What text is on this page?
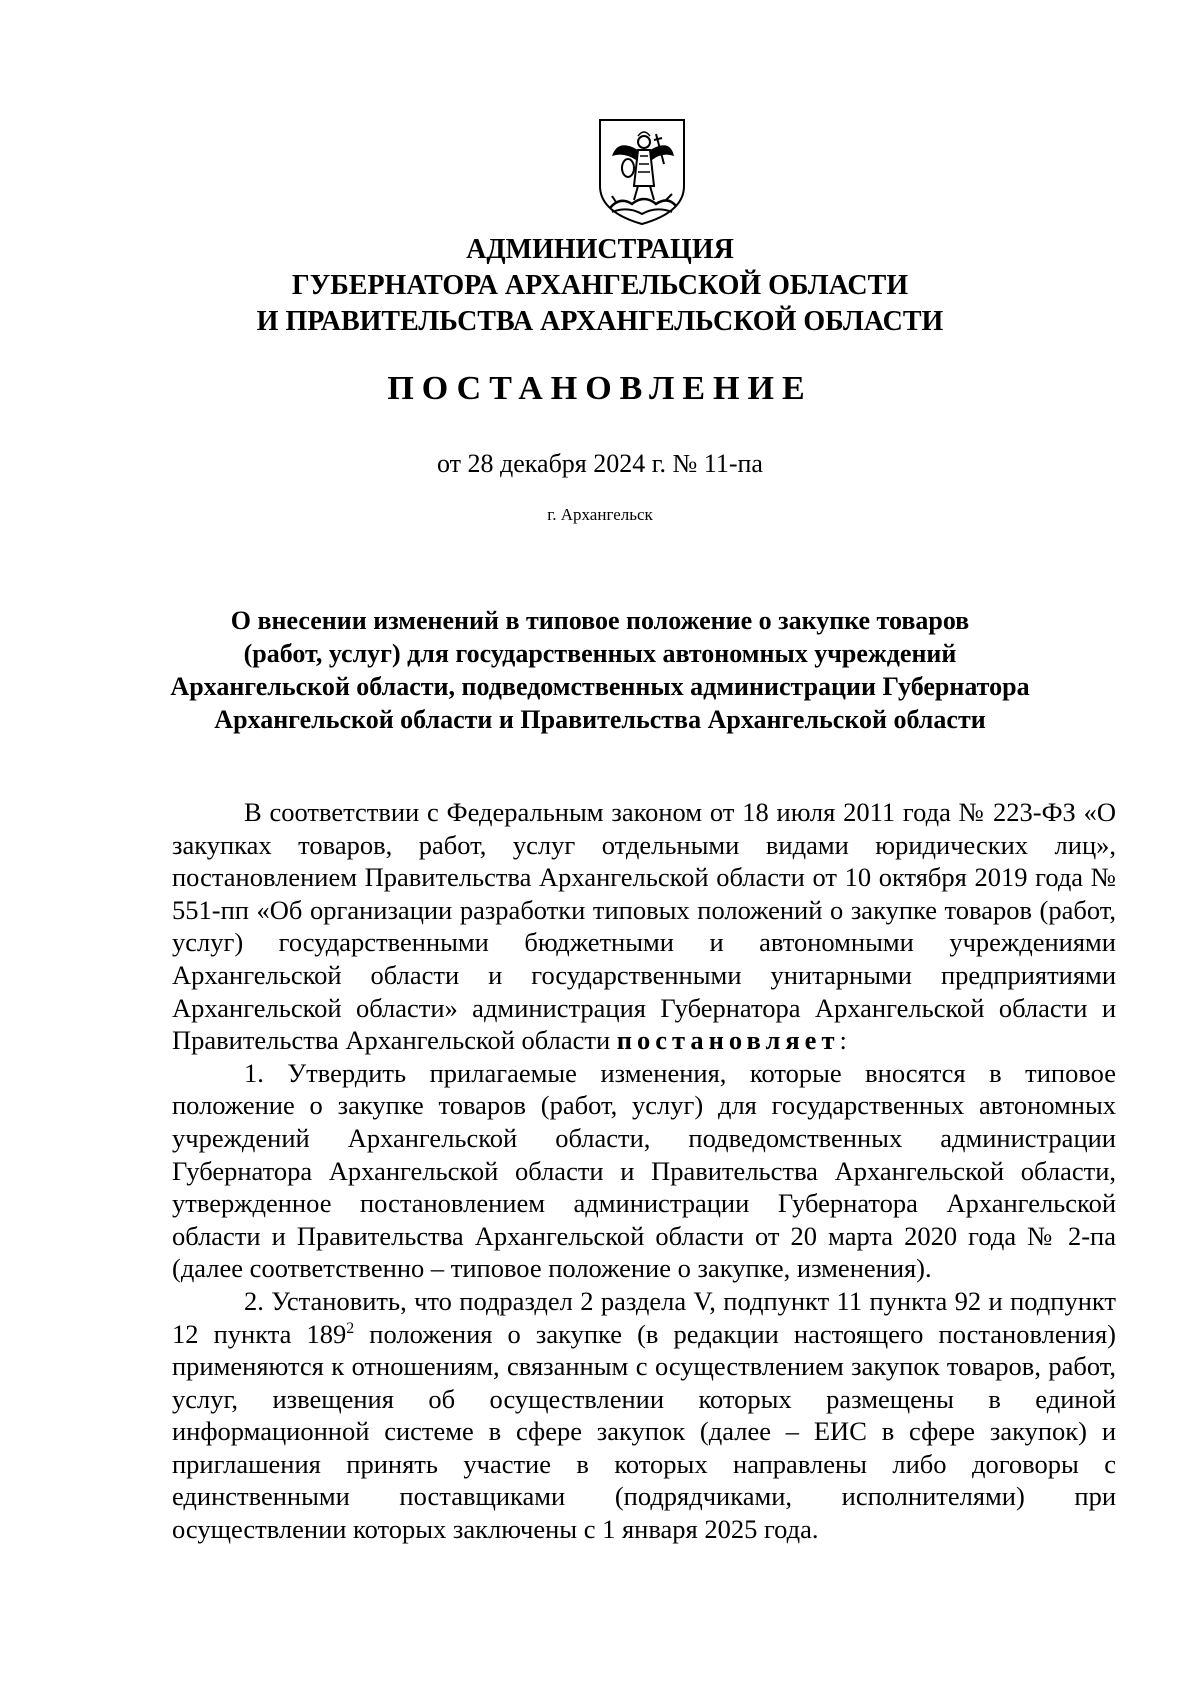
АДМИНИСТРАЦИЯ
ГУБЕРНАТОРА АРХАНГЕЛЬСКОЙ ОБЛАСТИ
И ПРАВИТЕЛЬСТВА АРХАНГЕЛЬСКОЙ ОБЛАСТИ
ПОСТАНОВЛЕНИЕ
от 28 декабря 2024 г. № 11-па
г. Архангельск
О внесении изменений в типовое положение о закупке товаров
(работ, услуг) для государственных автономных учреждений
Архангельской области, подведомственных администрации Губернатора
Архангельской области и Правительства Архангельской области

В соответствии с Федеральным законом от 18 июля 2011 года № 223-ФЗ «О закупках товаров, работ, услуг отдельными видами юридических лиц», постановлением Правительства Архангельской области от 10 октября 2019 года № 551-пп «Об организации разработки типовых положений о закупке товаров (работ, услуг) государственными бюджетными и автономными учреждениями Архангельской области и государственными унитарными предприятиями Архангельской области» администрация Губернатора Архангельской области и Правительства Архангельской области постановляет:

1. Утвердить прилагаемые изменения, которые вносятся в типовое положение о закупке товаров (работ, услуг) для государственных автономных учреждений Архангельской области, подведомственных администрации Губернатора Архангельской области и Правительства Архангельской области, утвержденное постановлением администрации Губернатора Архангельской области и Правительства Архангельской области от 20 марта 2020 года № 2-па (далее соответственно – типовое положение о закупке, изменения).

2. Установить, что подраздел 2 раздела V, подпункт 11 пункта 92 и подпункт 12 пункта $189^2$ положения о закупке (в редакции настоящего постановления) применяются к отношениям, связанным с осуществлением закупок товаров, работ, услуг, извещения об осуществлении которых размещены в единой информационной системе в сфере закупок (далее – ЕИС в сфере закупок) и приглашения принять участие в которых направлены либо договоры с единственными поставщиками (подрядчиками, исполнителями) при осуществлении которых заключены с 1 января 2025 года.
